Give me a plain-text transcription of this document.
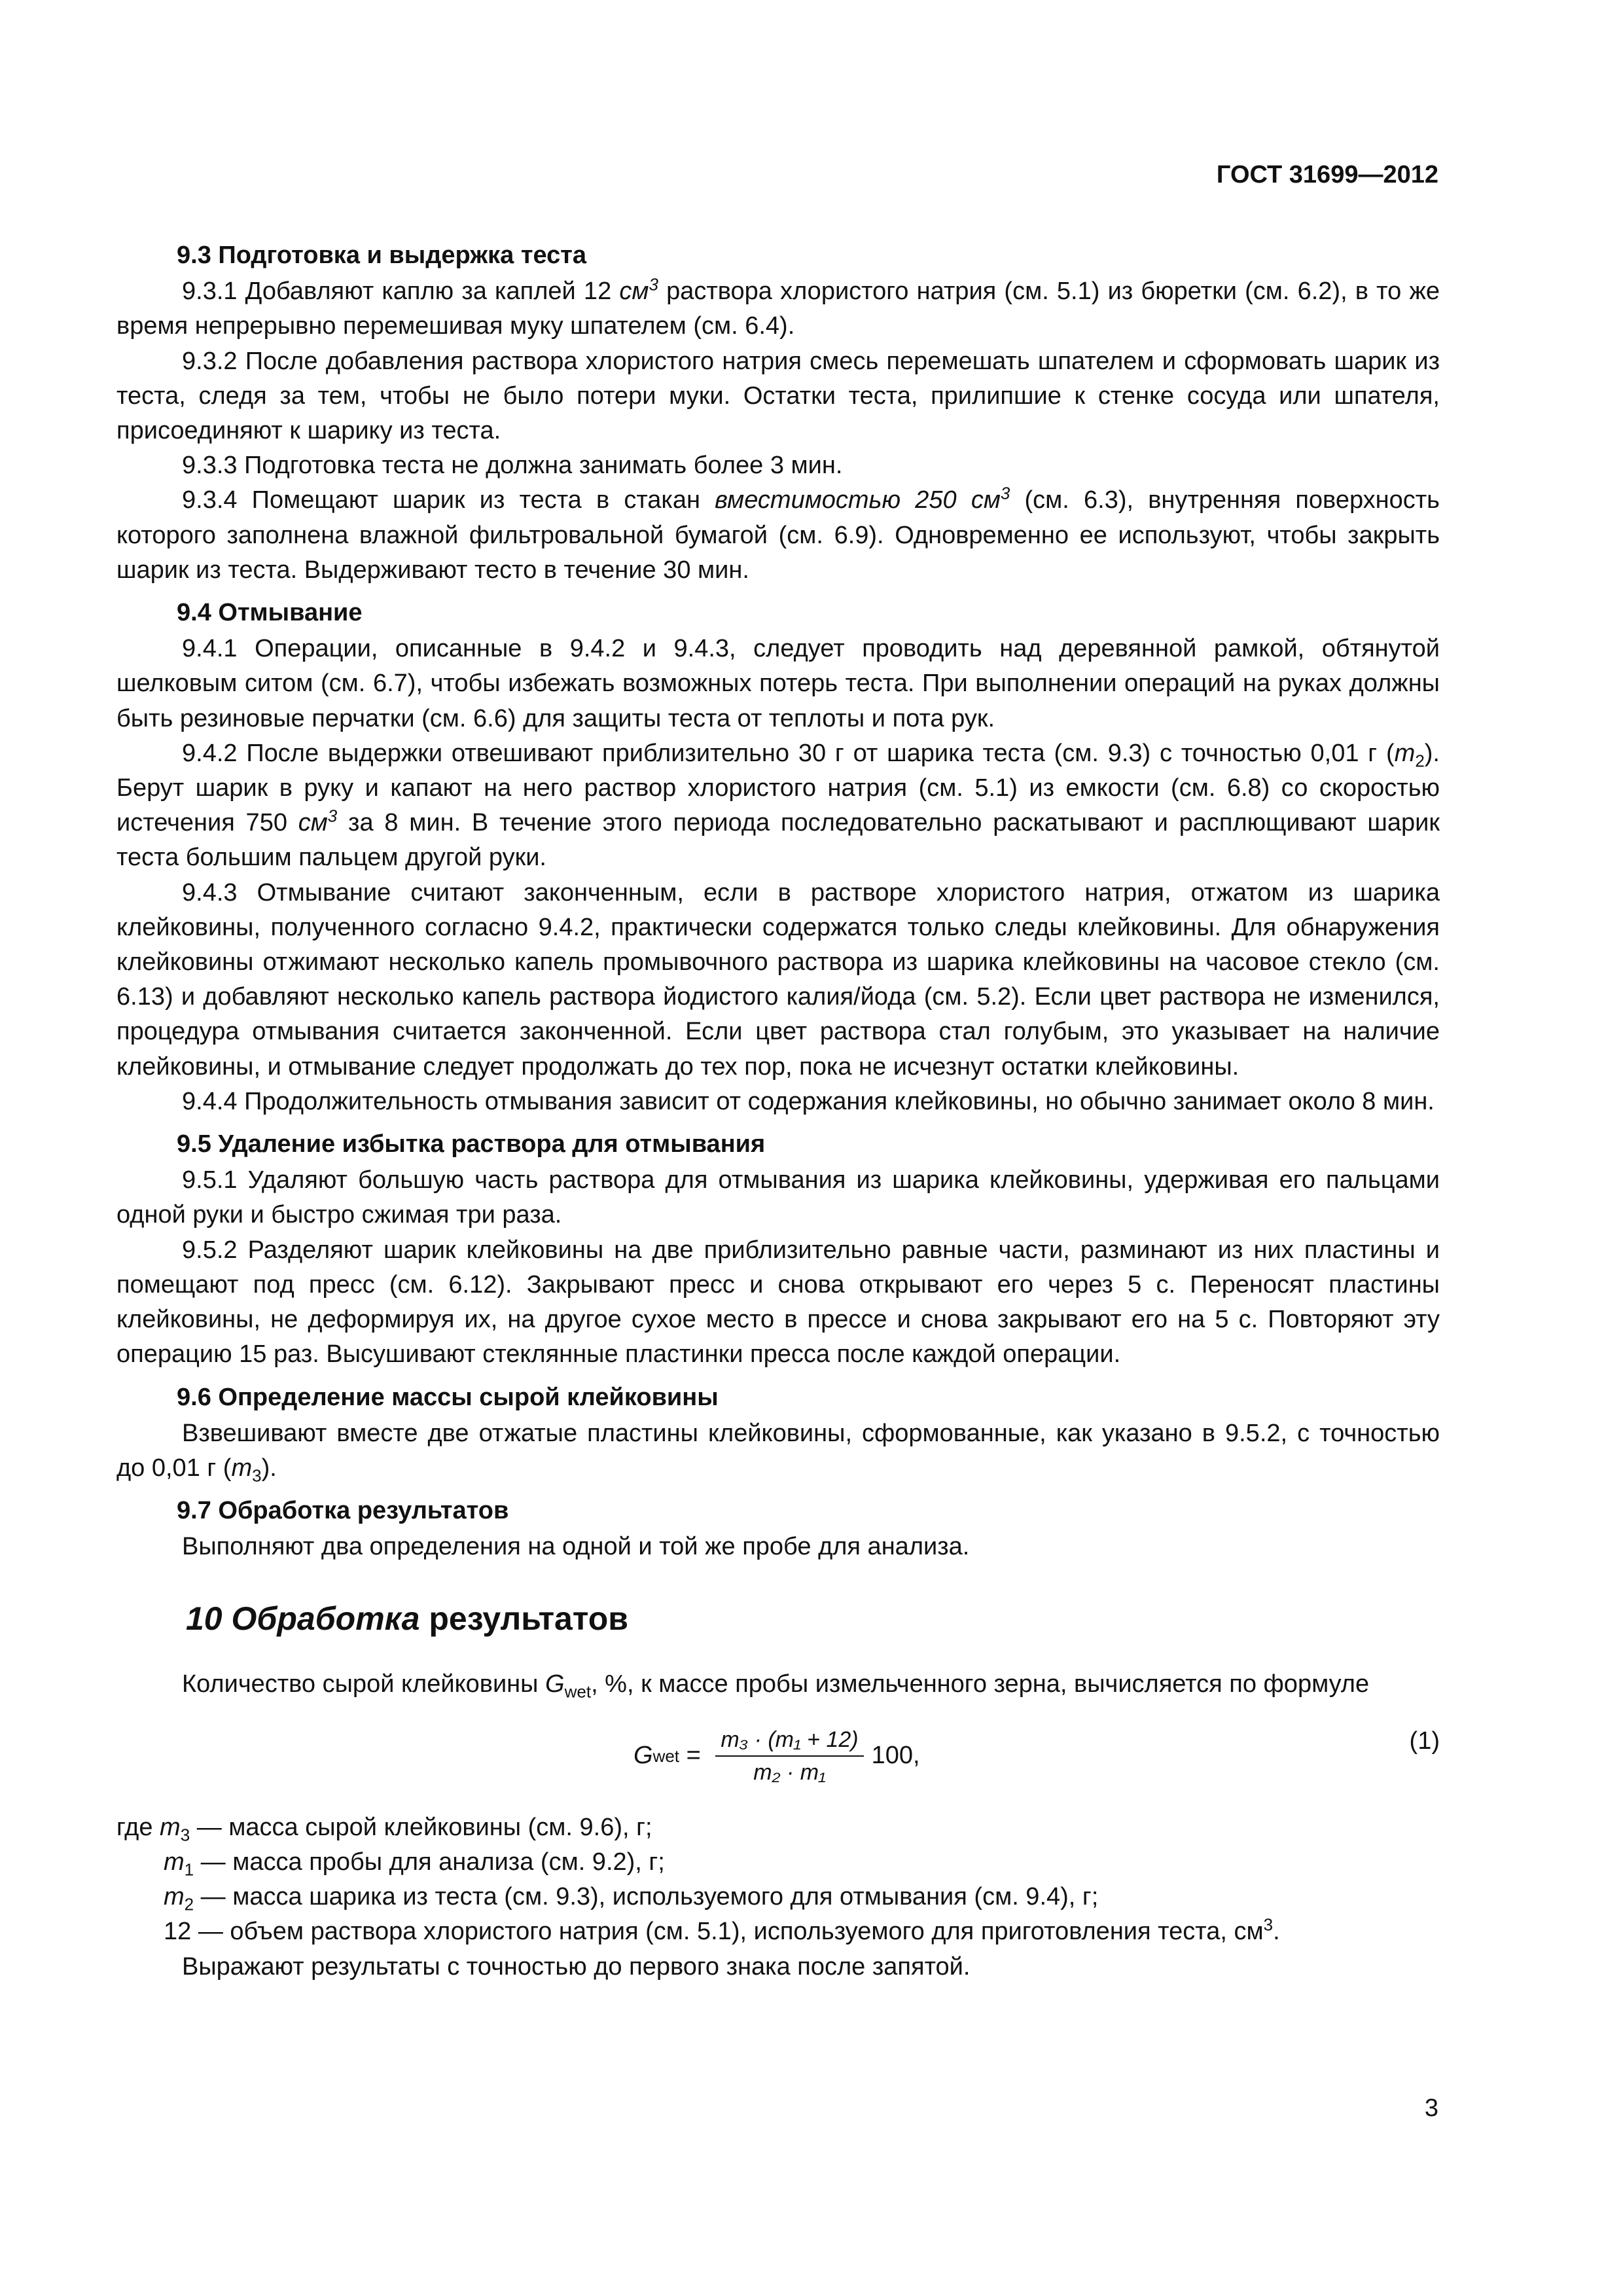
ГОСТ 31699—2012
9.3 Подготовка и выдержка теста

9.3.1 Добавляют каплю за каплей 12 $см^3$ раствора хлористого натрия (см. 5.1) из бюретки (см. 6.2), в то же время непрерывно перемешивая муку шпателем (см. 6.4).

9.3.2 После добавления раствора хлористого натрия смесь перемешать шпателем и сформовать шарик из теста, следя за тем, чтобы не было потери муки. Остатки теста, прилипшие к стенке сосуда или шпателя, присоединяют к шарику из теста.

9.3.3 Подготовка теста не должна занимать более 3 мин.

9.3.4 Помещают шарик из теста в стакан вместимостью 250 $см^3$ (см. 6.3), внутренняя поверхность которого заполнена влажной фильтровальной бумагой (см. 6.9). Одновременно ее используют, чтобы закрыть шарик из теста. Выдерживают тесто в течение 30 мин.

9.4 Отмывание

9.4.1 Операции, описанные в 9.4.2 и 9.4.3, следует проводить над деревянной рамкой, обтянутой шелковым ситом (см. 6.7), чтобы избежать возможных потерь теста. При выполнении операций на руках должны быть резиновые перчатки (см. 6.6) для защиты теста от теплоты и пота рук.

9.4.2 После выдержки отвешивают приблизительно 30 г от шарика теста (см. 9.3) с точностью 0,01 г $(m_2)$. Берут шарик в руку и капают на него раствор хлористого натрия (см. 5.1) из емкости (см. 6.8) со скоростью истечения 750 $см^3$ за 8 мин. В течение этого периода последовательно раскатывают и расплющивают шарик теста большим пальцем другой руки.

9.4.3 Отмывание считают законченным, если в растворе хлористого натрия, отжатом из шарика клейковины, полученного согласно 9.4.2, практически содержатся только следы клейковины. Для обнаружения клейковины отжимают несколько капель промывочного раствора из шарика клейковины на часовое стекло (см. 6.13) и добавляют несколько капель раствора йодистого калия/йода (см. 5.2). Если цвет раствора не изменился, процедура отмывания считается законченной. Если цвет раствора стал голубым, это указывает на наличие клейковины, и отмывание следует продолжать до тех пор, пока не исчезнут остатки клейковины.

9.4.4 Продолжительность отмывания зависит от содержания клейковины, но обычно занимает около 8 мин.

9.5 Удаление избытка раствора для отмывания

9.5.1 Удаляют большую часть раствора для отмывания из шарика клейковины, удерживая его пальцами одной руки и быстро сжимая три раза.

9.5.2 Разделяют шарик клейковины на две приблизительно равные части, разминают из них пластины и помещают под пресс (см. 6.12). Закрывают пресс и снова открывают его через 5 с. Переносят пластины клейковины, не деформируя их, на другое сухое место в прессе и снова закрывают его на 5 с. Повторяют эту операцию 15 раз. Высушивают стеклянные пластинки пресса после каждой операции.

9.6 Определение массы сырой клейковины

Взвешивают вместе две отжатые пластины клейковины, сформованные, как указано в 9.5.2, с точностью до 0,01 г $(m_3)$.

9.7 Обработка результатов

Выполняют два определения на одной и той же пробе для анализа.

10 Обработка результатов

Количество сырой клейковины $G_{wet}$, %, к массе пробы измельченного зерна, вычисляется по формуле

G wet = $\frac{\text{m₃ · (m₁ + 12)}}{\text{m₂ · m₁}} 100$,
(1)

где $m_3$ — масса сырой клейковины (см. 9.6), г;

$m_1$ — масса пробы для анализа (см. 9.2), г;

$m_2$ — масса шарика из теста (см. 9.3), используемого для отмывания (см. 9.4), г;

12 — объем раствора хлористого натрия (см. 5.1), используемого для приготовления теста, $см^3$.

Выражают результаты с точностью до первого знака после запятой.

3
